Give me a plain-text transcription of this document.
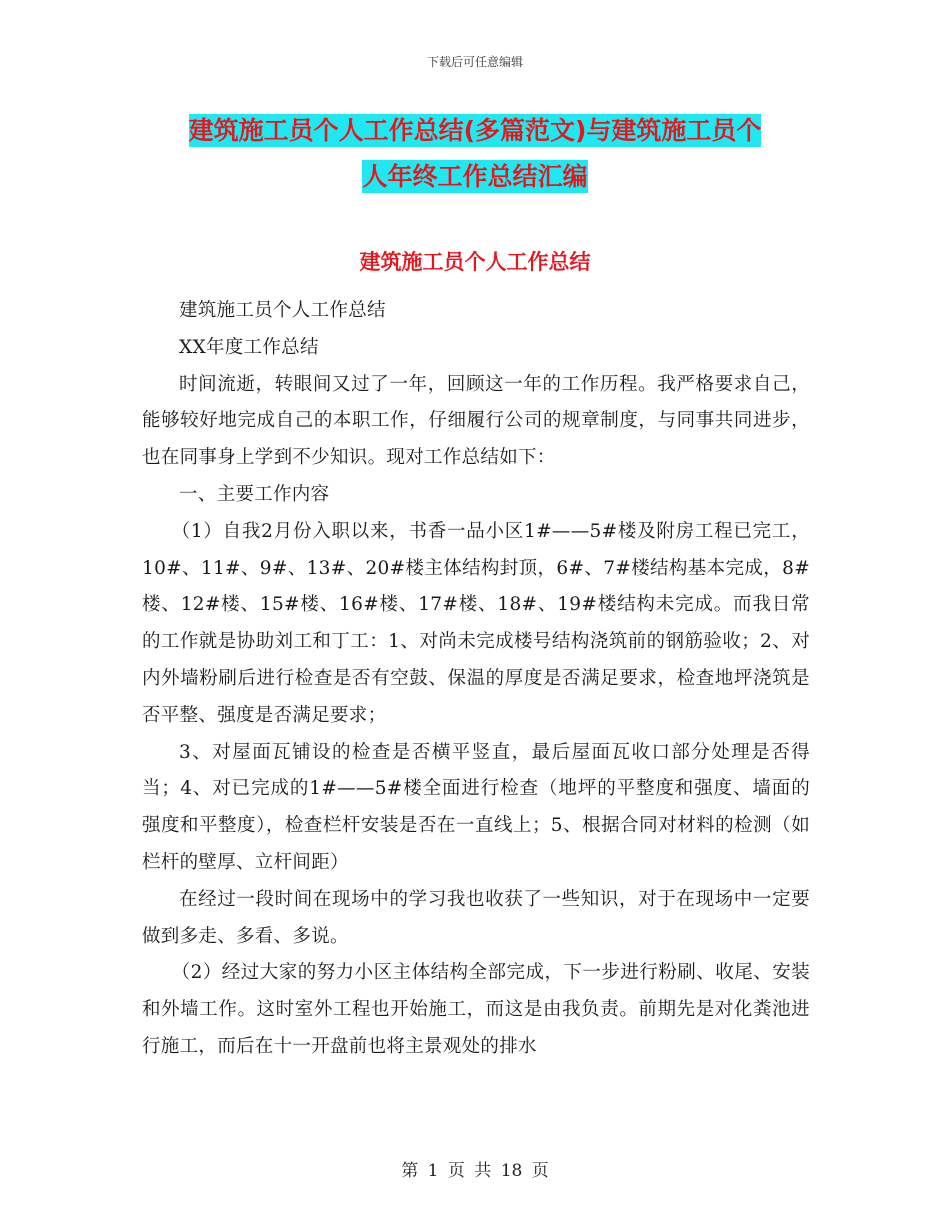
下载后可任意编辑
建筑施工员个人工作总结(多篇范文)与建筑施工员个
人年终工作总结汇编
建筑施工员个人工作总结

建筑施工员个人工作总结

XX年度工作总结

时间流逝，转眼间又过了一年，回顾这一年的工作历程。我严格要求自己，能够较好地完成自己的本职工作，仔细履行公司的规章制度，与同事共同进步，也在同事身上学到不少知识。现对工作总结如下：

一、主要工作内容

（1）自我2月份入职以来，书香一品小区1#——5#楼及附房工程已完工，10#、11#、9#、13#、20#楼主体结构封顶，6#、7#楼结构基本完成，8#楼、12#楼、15#楼、16#楼、17#楼、18#、19#楼结构未完成。而我日常的工作就是协助刘工和丁工：1、对尚未完成楼号结构浇筑前的钢筋验收；2、对内外墙粉刷后进行检查是否有空鼓、保温的厚度是否满足要求，检查地坪浇筑是否平整、强度是否满足要求；

3、对屋面瓦铺设的检查是否横平竖直，最后屋面瓦收口部分处理是否得当；4、对已完成的1#——5#楼全面进行检查（地坪的平整度和强度、墙面的强度和平整度），检查栏杆安装是否在一直线上；5、根据合同对材料的检测（如栏杆的壁厚、立杆间距）

在经过一段时间在现场中的学习我也收获了一些知识，对于在现场中一定要做到多走、多看、多说。

（2）经过大家的努力小区主体结构全部完成，下一步进行粉刷、收尾、安装和外墙工作。这时室外工程也开始施工，而这是由我负责。前期先是对化粪池进行施工，而后在十一开盘前也将主景观处的排水

第 1 页 共 18 页
